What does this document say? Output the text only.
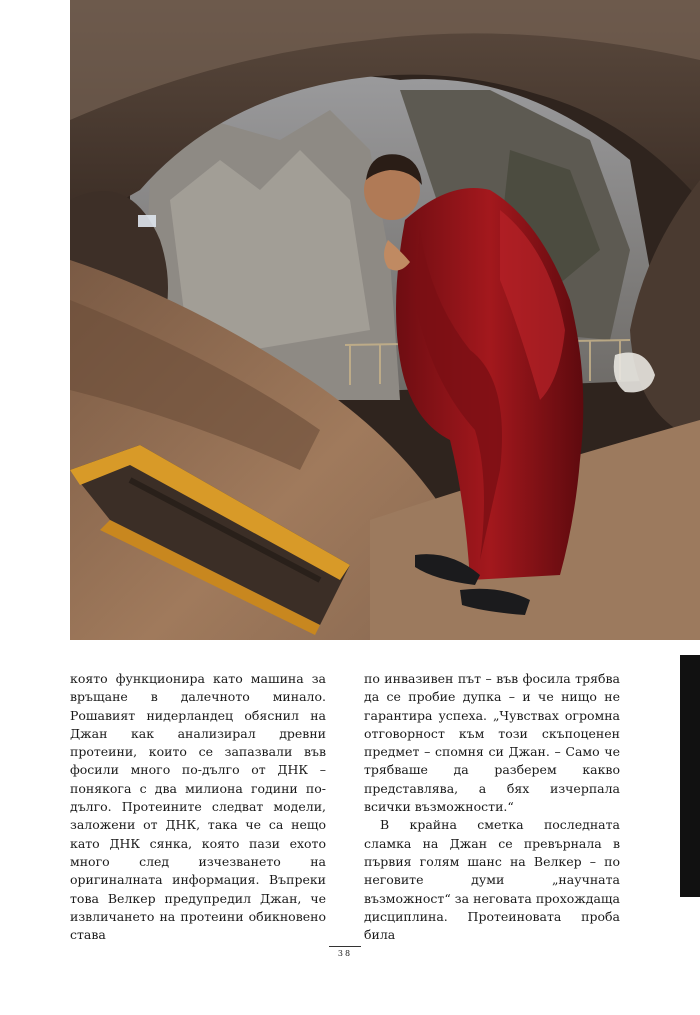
която функционира като машина за връщане в далечното минало. Рошавият нидерландец обяснил на Джан как анализирал древни протеини, които се запазвали във фосили много по-дълго от ДНК – понякога с два милиона години по-дълго. Протеините следват модели, заложени от ДНК, така че са нещо като ДНК сянка, която пази ехото много след изчезването на оригиналната информация. Въпреки това Велкер предупредил Джан, че извличането на протеини обикновено става

по инвазивен път – във фосила трябва да се пробие дупка – и че нищо не гарантира успеха. „Чувствах огромна отговорност към този скъпоценен предмет – спомня си Джан. – Само че трябваше да разберем какво представлява, а бях изчерпала всички възможности.“

В крайна сметка последната сламка на Джан се превърнала в първия голям шанс на Велкер – по неговите думи „научната възможност“ за неговата прохождаща дисциплина. Протеиновата проба била

38
